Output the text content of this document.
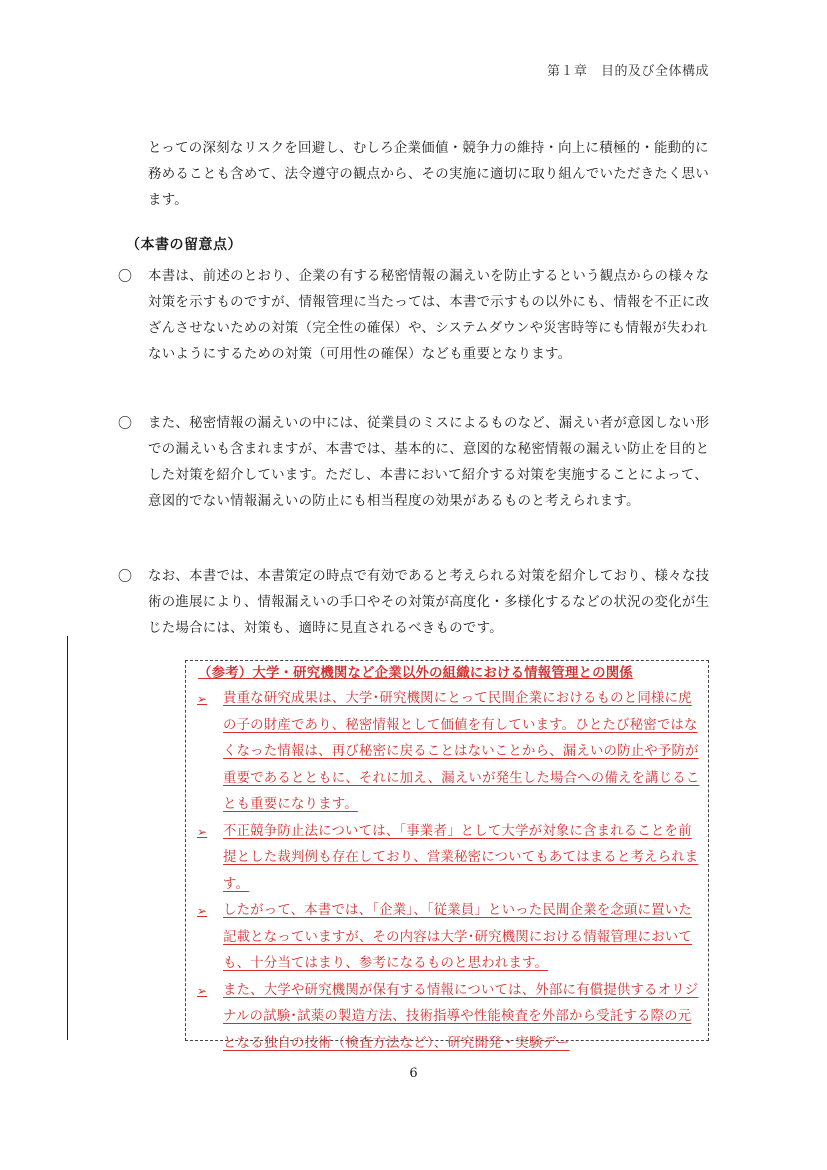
第１章　目的及び全体構成

とっての深刻なリスクを回避し、むしろ企業価値・競争力の維持・向上に積極的・能動的に務めることも含めて、法令遵守の観点から、その実施に適切に取り組んでいただきたく思います。

（本書の留意点）
〇 本書は、前述のとおり、企業の有する秘密情報の漏えいを防止するという観点からの様々な対策を示すものですが、情報管理に当たっては、本書で示すもの以外にも、情報を不正に改ざんさせないための対策（完全性の確保）や、システムダウンや災害時等にも情報が失われないようにするための対策（可用性の確保）なども重要となります。

〇 また、秘密情報の漏えいの中には、従業員のミスによるものなど、漏えい者が意図しない形での漏えいも含まれますが、本書では、基本的に、意図的な秘密情報の漏えい防止を目的とした対策を紹介しています。ただし、本書において紹介する対策を実施することによって、意図的でない情報漏えいの防止にも相当程度の効果があるものと考えられます。

〇 なお、本書では、本書策定の時点で有効であると考えられる対策を紹介しており、様々な技術の進展により、情報漏えいの手口やその対策が高度化・多様化するなどの状況の変化が生じた場合には、対策も、適時に見直されるべきものです。

（参考）大学・研究機関など企業以外の組織における情報管理との関係
➢ 貴重な研究成果は、大学･研究機関にとって民間企業におけるものと同様に虎の子の財産であり、秘密情報として価値を有しています。ひとたび秘密ではなくなった情報は、再び秘密に戻ることはないことから、漏えいの防止や予防が重要であるとともに、それに加え、漏えいが発生した場合への備えを講じることも重要になります。

➢ 不正競争防止法については、「事業者」として大学が対象に含まれることを前提とした裁判例も存在しており、営業秘密についてもあてはまると考えられます。

➢ したがって、本書では、「企業」、「従業員」といった民間企業を念頭に置いた記載となっていますが、その内容は大学･研究機関における情報管理においても、十分当てはまり、参考になるものと思われます。

➢ また、大学や研究機関が保有する情報については、外部に有償提供するオリジナルの試験･試薬の製造方法、技術指導や性能検査を外部から受託する際の元となる独自の技術（検査方法など）、研究開発・実験デー

6
